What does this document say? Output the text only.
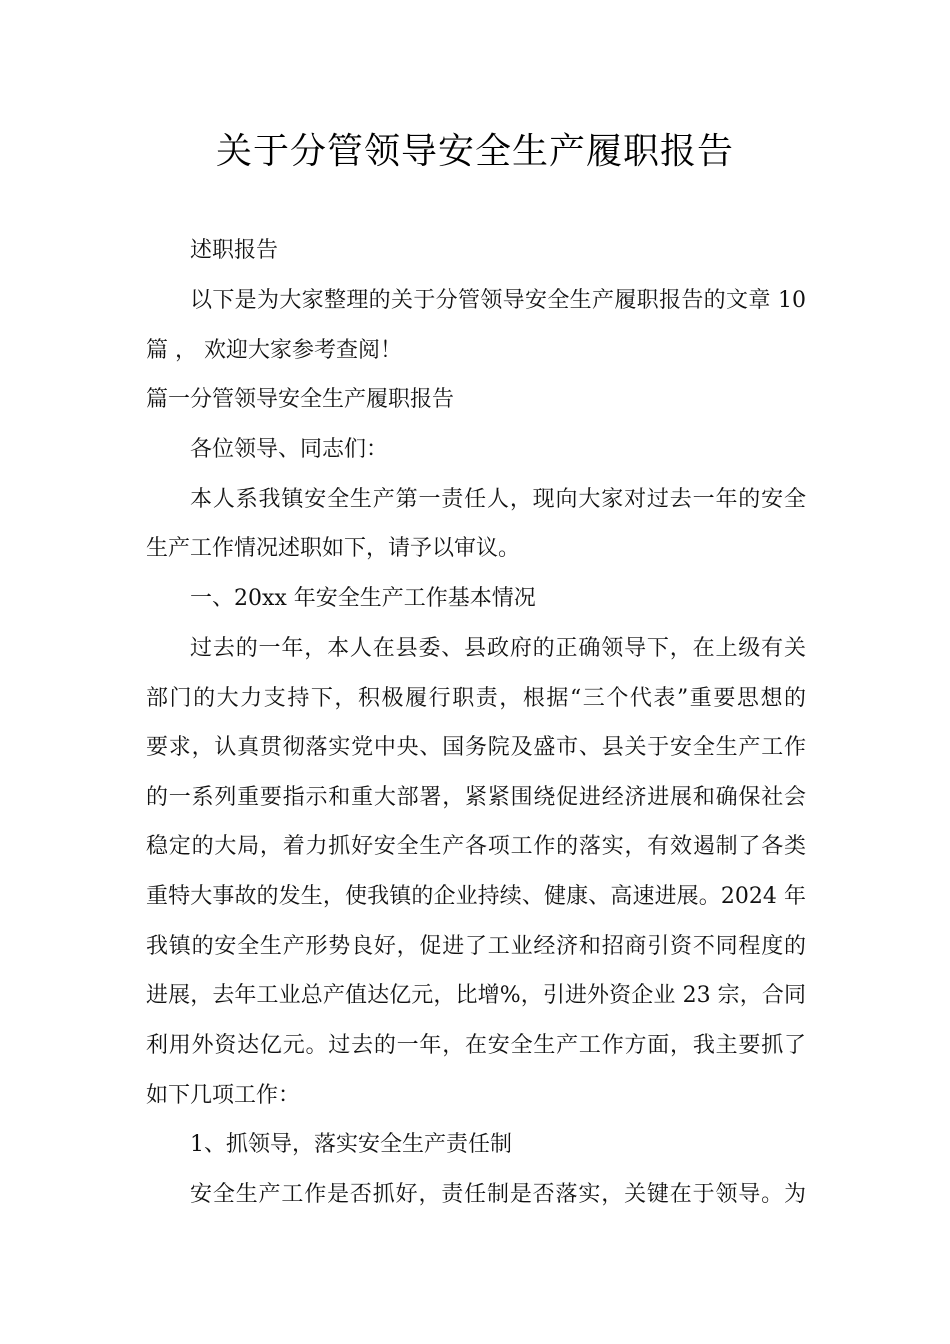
关于分管领导安全生产履职报告
述职报告
以下是为大家整理的关于分管领导安全生产履职报告的文章 10
篇 ， 欢迎大家参考查阅！
篇一分管领导安全生产履职报告
各位领导、同志们：
本人系我镇安全生产第一责任人，现向大家对过去一年的安全
生产工作情况述职如下，请予以审议。
一、20xx 年安全生产工作基本情况
过去的一年，本人在县委、县政府的正确领导下，在上级有关
部门的大力支持下，积极履行职责，根据“三个代表”重要思想的
要求，认真贯彻落实党中央、国务院及盛市、县关于安全生产工作
的一系列重要指示和重大部署，紧紧围绕促进经济进展和确保社会
稳定的大局，着力抓好安全生产各项工作的落实，有效遏制了各类
重特大事故的发生，使我镇的企业持续、健康、高速进展。2024 年
我镇的安全生产形势良好，促进了工业经济和招商引资不同程度的
进展，去年工业总产值达亿元，比增%，引进外资企业 23 宗，合同
利用外资达亿元。过去的一年，在安全生产工作方面，我主要抓了
如下几项工作：
1、抓领导，落实安全生产责任制
安全生产工作是否抓好，责任制是否落实，关键在于领导。为
